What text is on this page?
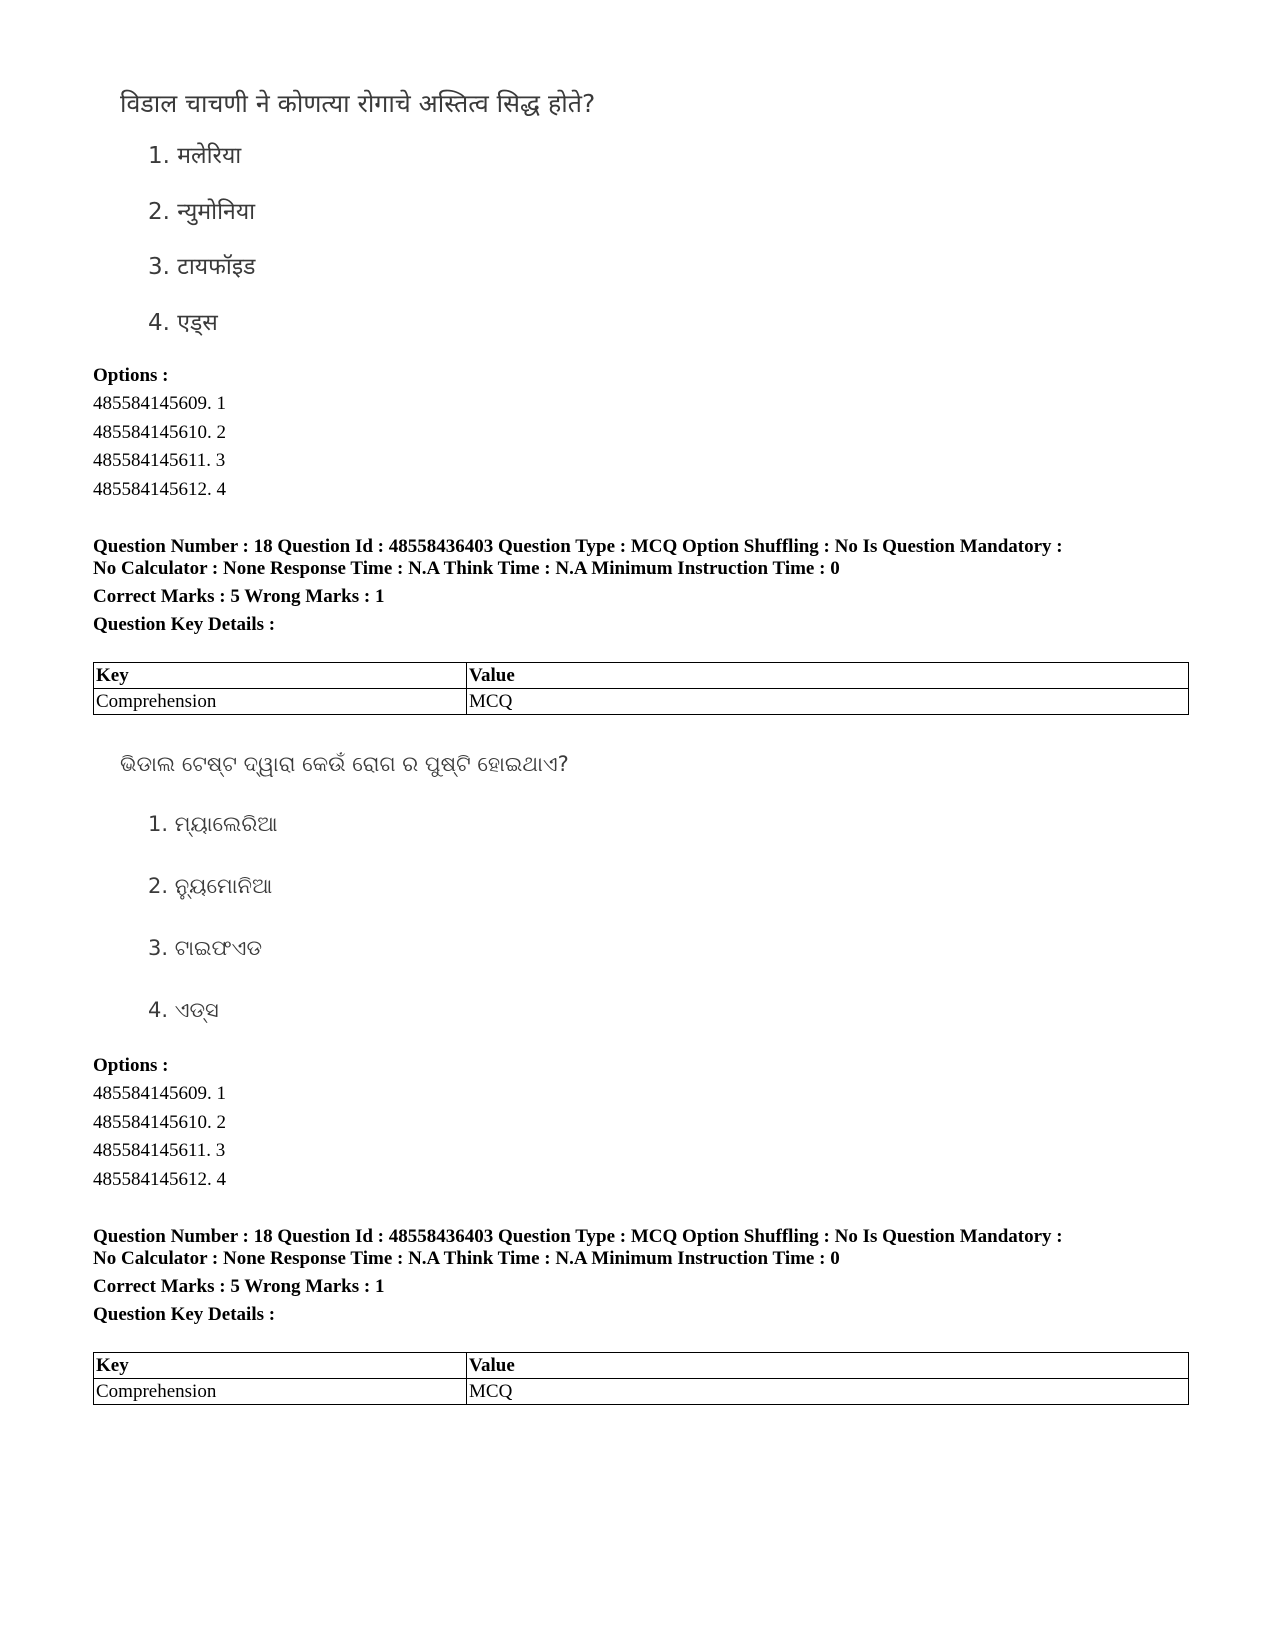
विडाल चाचणी ने कोणत्या रोगाचे अस्तित्व सिद्ध होते?
1. मलेरिया
2. न्युमोनिया
3. टायफॉइड
4. एड्स
Options :
485584145609. 1
485584145610. 2
485584145611. 3
485584145612. 4
Question Number : 18 Question Id : 48558436403 Question Type : MCQ Option Shuffling : No Is Question Mandatory :
No Calculator : None Response Time : N.A Think Time : N.A Minimum Instruction Time : 0
Correct Marks : 5 Wrong Marks : 1
Question Key Details :
Key	Value
Comprehension	MCQ
ଭିଡାଲ ଟେଷ୍ଟ ଦ୍ୱାରା କେଉଁ ରୋଗ ର ପୁଷ୍ଟି ହୋଇଥାଏ?
1. ମ୍ୟାଲେରିଆ
2. ନ୍ୟୁମୋନିଆ
3. ଟାଇଫଏଡ
4. ଏଡ୍ସ
Options :
485584145609. 1
485584145610. 2
485584145611. 3
485584145612. 4
Question Number : 18 Question Id : 48558436403 Question Type : MCQ Option Shuffling : No Is Question Mandatory :
No Calculator : None Response Time : N.A Think Time : N.A Minimum Instruction Time : 0
Correct Marks : 5 Wrong Marks : 1
Question Key Details :
Key	Value
Comprehension	MCQ
